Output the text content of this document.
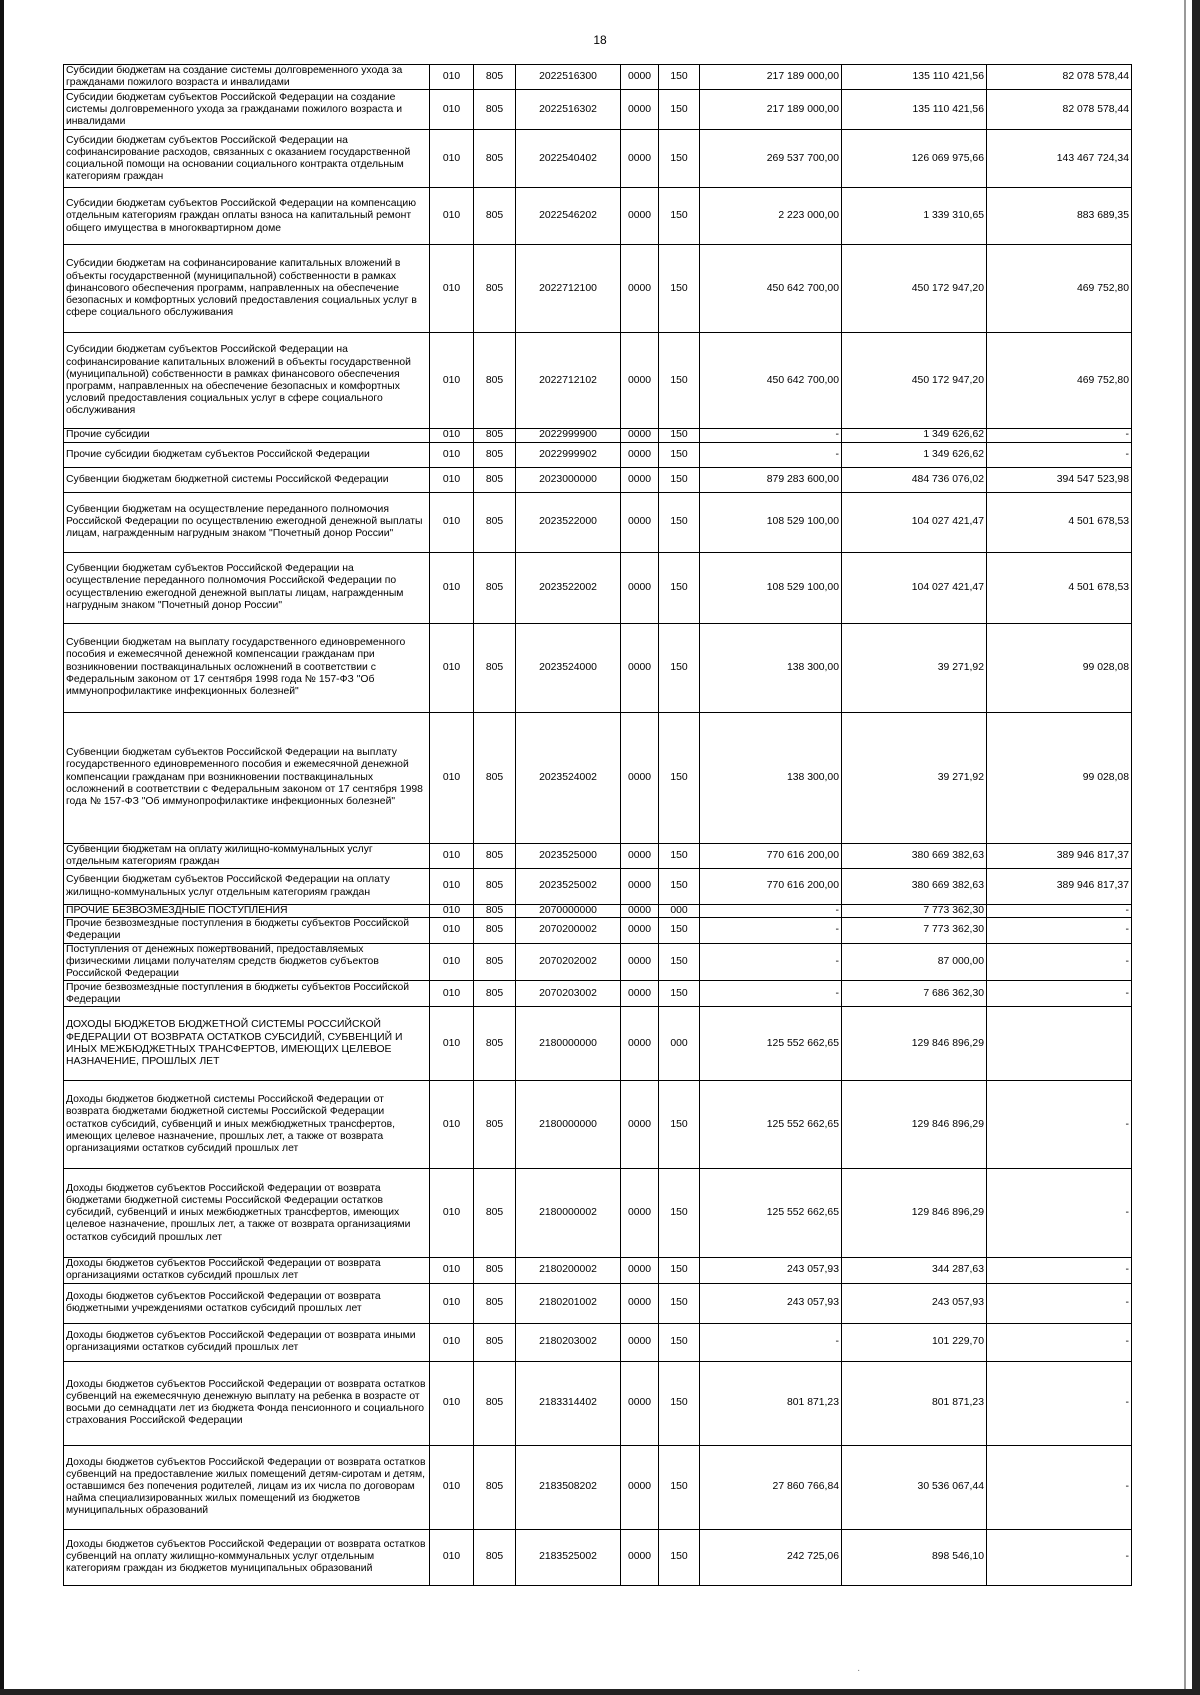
18
Субсидии бюджетам на создание системы долговременного ухода за гражданами пожилого возраста и инвалидами	010	805	2022516300	0000	150	217 189 000,00	135 110 421,56	82 078 578,44
Субсидии бюджетам субъектов Российской Федерации на создание системы долговременного ухода за гражданами пожилого возраста и инвалидами	010	805	2022516302	0000	150	217 189 000,00	135 110 421,56	82 078 578,44
Субсидии бюджетам субъектов Российской Федерации на софинансирование расходов, связанных с оказанием государственной социальной помощи на основании социального контракта отдельным категориям граждан	010	805	2022540402	0000	150	269 537 700,00	126 069 975,66	143 467 724,34
Субсидии бюджетам субъектов Российской Федерации на компенсацию отдельным категориям граждан оплаты взноса на капитальный ремонт общего имущества в многоквартирном доме	010	805	2022546202	0000	150	2 223 000,00	1 339 310,65	883 689,35
Субсидии бюджетам на софинансирование капитальных вложений в объекты государственной (муниципальной) собственности в рамках финансового обеспечения программ, направленных на обеспечение безопасных и комфортных условий предоставления социальных услуг в сфере социального обслуживания	010	805	2022712100	0000	150	450 642 700,00	450 172 947,20	469 752,80
Субсидии бюджетам субъектов Российской Федерации на софинансирование капитальных вложений в объекты государственной (муниципальной) собственности в рамках финансового обеспечения программ, направленных на обеспечение безопасных и комфортных условий предоставления социальных услуг в сфере социального обслуживания	010	805	2022712102	0000	150	450 642 700,00	450 172 947,20	469 752,80
Прочие субсидии	010	805	2022999900	0000	150	-	1 349 626,62	-
Прочие субсидии бюджетам субъектов Российской Федерации	010	805	2022999902	0000	150	-	1 349 626,62	-
Субвенции бюджетам бюджетной системы Российской Федерации	010	805	2023000000	0000	150	879 283 600,00	484 736 076,02	394 547 523,98
Субвенции бюджетам на осуществление переданного полномочия Российской Федерации по осуществлению ежегодной денежной выплаты лицам, награжденным нагрудным знаком "Почетный донор России"	010	805	2023522000	0000	150	108 529 100,00	104 027 421,47	4 501 678,53
Субвенции бюджетам субъектов Российской Федерации на осуществление переданного полномочия Российской Федерации по осуществлению ежегодной денежной выплаты лицам, награжденным нагрудным знаком "Почетный донор России"	010	805	2023522002	0000	150	108 529 100,00	104 027 421,47	4 501 678,53
Субвенции бюджетам на выплату государственного единовременного пособия и ежемесячной денежной компенсации гражданам при возникновении поствакцинальных осложнений в соответствии с Федеральным законом от 17 сентября 1998 года № 157-ФЗ "Об иммунопрофилактике инфекционных болезней"	010	805	2023524000	0000	150	138 300,00	39 271,92	99 028,08
Субвенции бюджетам субъектов Российской Федерации на выплату государственного единовременного пособия и ежемесячной денежной компенсации гражданам при возникновении поствакцинальных осложнений в соответствии с Федеральным законом от 17 сентября 1998 года № 157-ФЗ "Об иммунопрофилактике инфекционных болезней"	010	805	2023524002	0000	150	138 300,00	39 271,92	99 028,08
Субвенции бюджетам на оплату жилищно-коммунальных услуг отдельным категориям граждан	010	805	2023525000	0000	150	770 616 200,00	380 669 382,63	389 946 817,37
Субвенции бюджетам субъектов Российской Федерации на оплату жилищно-коммунальных услуг отдельным категориям граждан	010	805	2023525002	0000	150	770 616 200,00	380 669 382,63	389 946 817,37
ПРОЧИЕ БЕЗВОЗМЕЗДНЫЕ ПОСТУПЛЕНИЯ	010	805	2070000000	0000	000	-	7 773 362,30	-
Прочие безвозмездные поступления в бюджеты субъектов Российской Федерации	010	805	2070200002	0000	150	-	7 773 362,30	-
Поступления от денежных пожертвований, предоставляемых физическими лицами получателям средств бюджетов субъектов Российской Федерации	010	805	2070202002	0000	150	-	87 000,00	-
Прочие безвозмездные поступления в бюджеты субъектов Российской Федерации	010	805	2070203002	0000	150	-	7 686 362,30	-
ДОХОДЫ БЮДЖЕТОВ БЮДЖЕТНОЙ СИСТЕМЫ РОССИЙСКОЙ ФЕДЕРАЦИИ ОТ ВОЗВРАТА ОСТАТКОВ СУБСИДИЙ, СУБВЕНЦИЙ И ИНЫХ МЕЖБЮДЖЕТНЫХ ТРАНСФЕРТОВ, ИМЕЮЩИХ ЦЕЛЕВОЕ НАЗНАЧЕНИЕ, ПРОШЛЫХ ЛЕТ	010	805	2180000000	0000	000	125 552 662,65	129 846 896,29	
Доходы бюджетов бюджетной системы Российской Федерации от возврата бюджетами бюджетной системы Российской Федерации остатков субсидий, субвенций и иных межбюджетных трансфертов, имеющих целевое назначение, прошлых лет, а также от возврата организациями остатков субсидий прошлых лет	010	805	2180000000	0000	150	125 552 662,65	129 846 896,29	-
Доходы бюджетов субъектов Российской Федерации от возврата бюджетами бюджетной системы Российской Федерации остатков субсидий, субвенций и иных межбюджетных трансфертов, имеющих целевое назначение, прошлых лет, а также от возврата организациями остатков субсидий прошлых лет	010	805	2180000002	0000	150	125 552 662,65	129 846 896,29	-
Доходы бюджетов субъектов Российской Федерации от возврата организациями остатков субсидий прошлых лет	010	805	2180200002	0000	150	243 057,93	344 287,63	-
Доходы бюджетов субъектов Российской Федерации от возврата бюджетными учреждениями остатков субсидий прошлых лет	010	805	2180201002	0000	150	243 057,93	243 057,93	-
Доходы бюджетов субъектов Российской Федерации от возврата иными организациями остатков субсидий прошлых лет	010	805	2180203002	0000	150	-	101 229,70	-
Доходы бюджетов субъектов Российской Федерации от возврата остатков субвенций на ежемесячную денежную выплату на ребенка в возрасте от восьми до семнадцати лет из бюджета Фонда пенсионного и социального страхования Российской Федерации	010	805	2183314402	0000	150	801 871,23	801 871,23	-
Доходы бюджетов субъектов Российской Федерации от возврата остатков субвенций на предоставление жилых помещений детям-сиротам и детям, оставшимся без попечения родителей, лицам из их числа по договорам найма специализированных жилых помещений из бюджетов муниципальных образований	010	805	2183508202	0000	150	27 860 766,84	30 536 067,44	-
Доходы бюджетов субъектов Российской Федерации от возврата остатков субвенций на оплату жилищно-коммунальных услуг отдельным категориям граждан из бюджетов муниципальных образований	010	805	2183525002	0000	150	242 725,06	898 546,10	-
·
